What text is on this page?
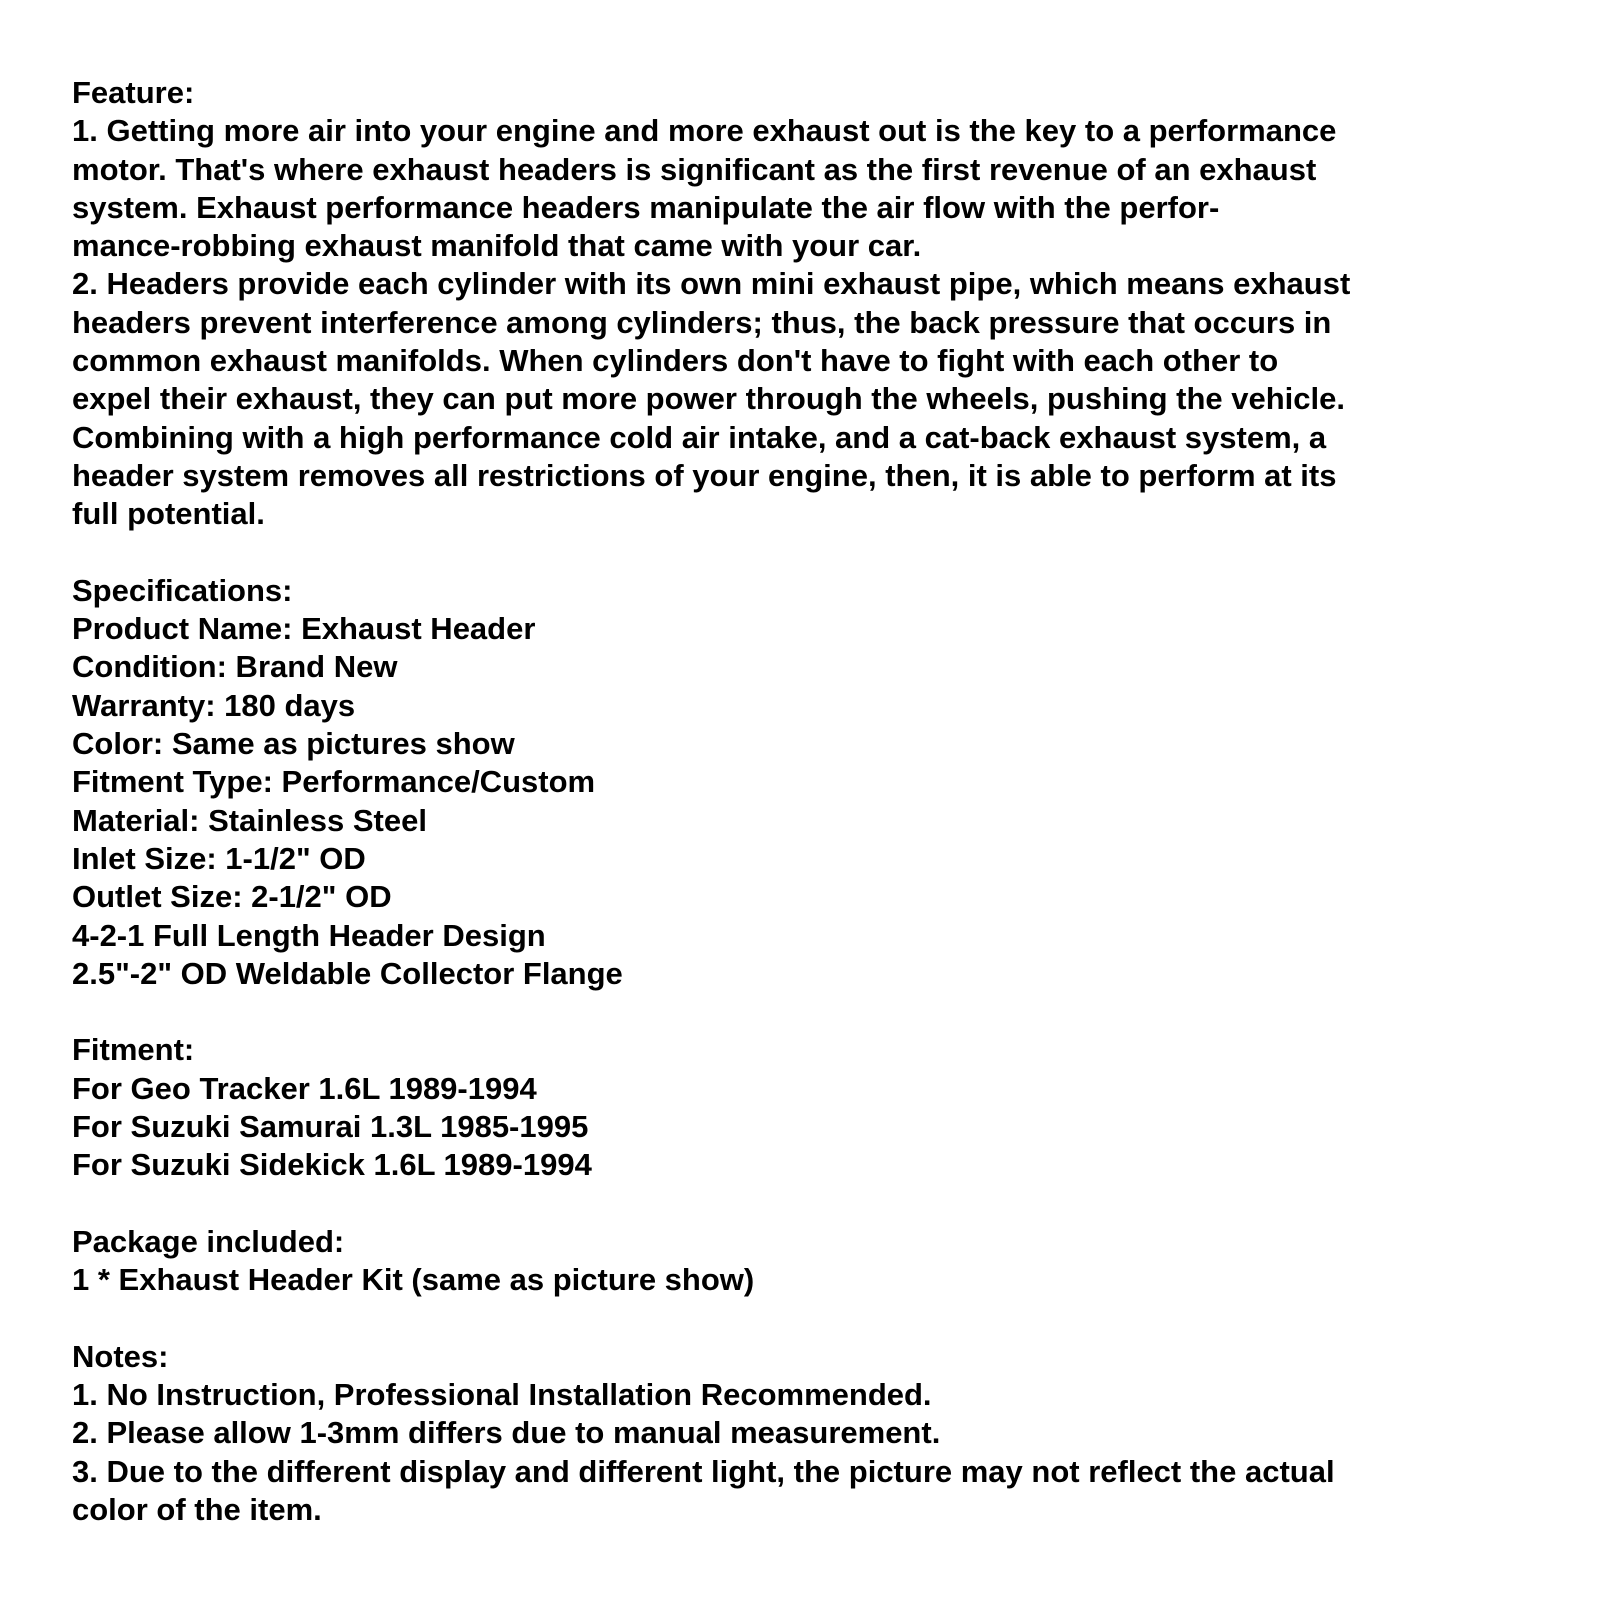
Feature:
1. Getting more air into your engine and more exhaust out is the key to a performance
motor. That's where exhaust headers is significant as the first revenue of an exhaust
system. Exhaust performance headers manipulate the air flow with the perfor-
mance-robbing exhaust manifold that came with your car.
2. Headers provide each cylinder with its own mini exhaust pipe, which means exhaust
headers prevent interference among cylinders; thus, the back pressure that occurs in
common exhaust manifolds. When cylinders don't have to fight with each other to
expel their exhaust, they can put more power through the wheels, pushing the vehicle.
Combining with a high performance cold air intake, and a cat-back exhaust system, a
header system removes all restrictions of your engine, then, it is able to perform at its
full potential.
Specifications:
Product Name: Exhaust Header
Condition: Brand New
Warranty: 180 days
Color: Same as pictures show
Fitment Type: Performance/Custom
Material: Stainless Steel
Inlet Size: 1-1/2" OD
Outlet Size: 2-1/2" OD
4-2-1 Full Length Header Design
2.5"-2" OD Weldable Collector Flange
Fitment:
For Geo Tracker 1.6L 1989-1994
For Suzuki Samurai 1.3L 1985-1995
For Suzuki Sidekick 1.6L 1989-1994
Package included:
1 * Exhaust Header Kit (same as picture show)
Notes:
1. No Instruction, Professional Installation Recommended.
2. Please allow 1-3mm differs due to manual measurement.
3. Due to the different display and different light, the picture may not reflect the actual
color of the item.
